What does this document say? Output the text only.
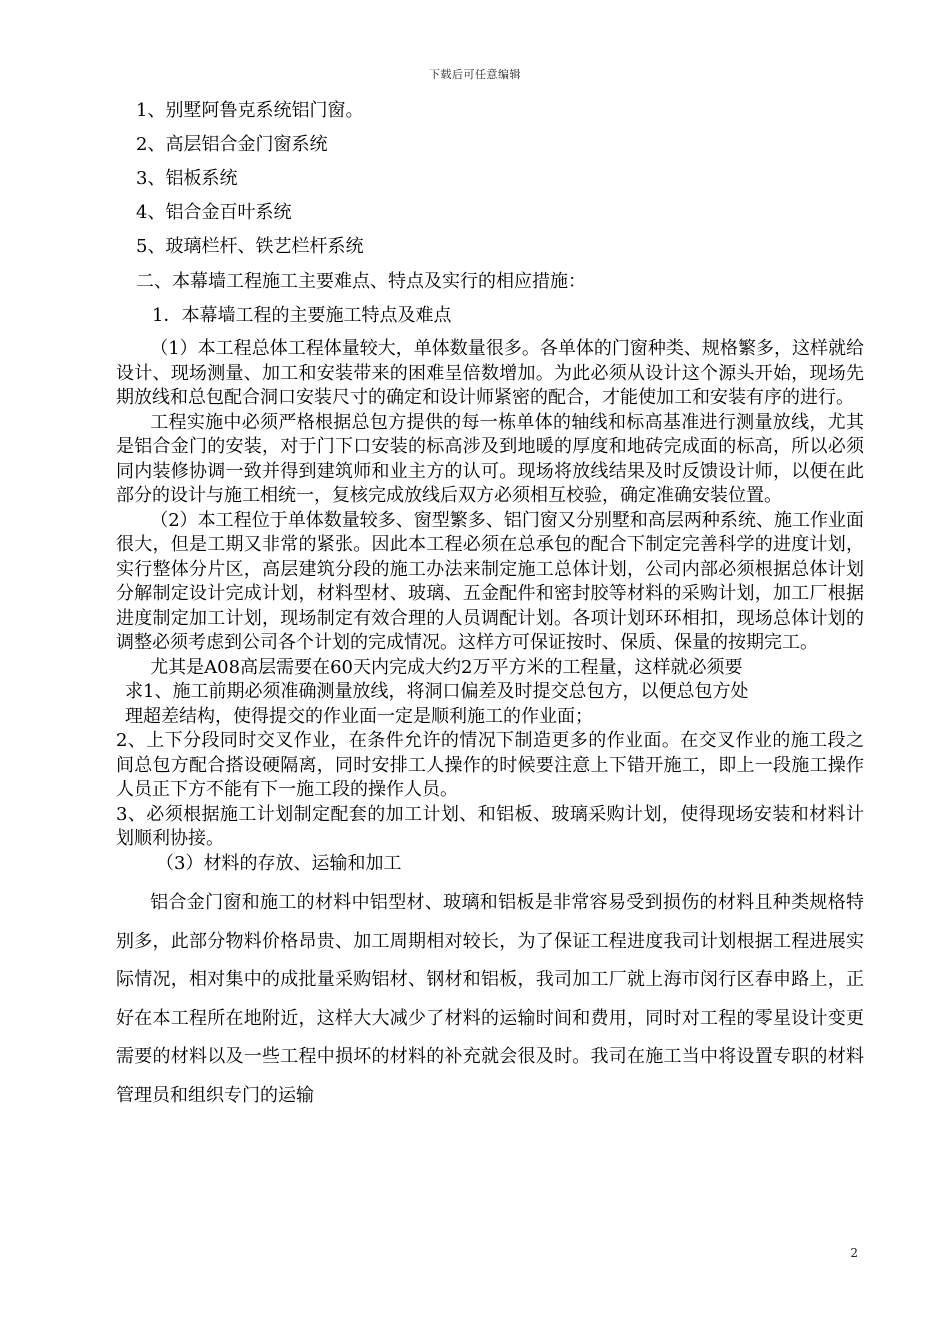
下载后可任意编辑
1、别墅阿鲁克系统铝门窗。
2、高层铝合金门窗系统
3、铝板系统
4、铝合金百叶系统
5、玻璃栏杆、铁艺栏杆系统
二、本幕墙工程施工主要难点、特点及实行的相应措施：
1．本幕墙工程的主要施工特点及难点

（1）本工程总体工程体量较大，单体数量很多。各单体的门窗种类、规格繁多，这样就给设计、现场测量、加工和安装带来的困难呈倍数增加。为此必须从设计这个源头开始，现场先期放线和总包配合洞口安装尺寸的确定和设计师紧密的配合，才能使加工和安装有序的进行。

工程实施中必须严格根据总包方提供的每一栋单体的轴线和标高基准进行测量放线，尤其是铝合金门的安装，对于门下口安装的标高涉及到地暖的厚度和地砖完成面的标高，所以必须同内装修协调一致并得到建筑师和业主方的认可。现场将放线结果及时反馈设计师，以便在此部分的设计与施工相统一，复核完成放线后双方必须相互校验，确定准确安装位置。

（2）本工程位于单体数量较多、窗型繁多、铝门窗又分别墅和高层两种系统、施工作业面很大，但是工期又非常的紧张。因此本工程必须在总承包的配合下制定完善科学的进度计划，实行整体分片区，高层建筑分段的施工办法来制定施工总体计划，公司内部必须根据总体计划分解制定设计完成计划，材料型材、玻璃、五金配件和密封胶等材料的采购计划，加工厂根据进度制定加工计划，现场制定有效合理的人员调配计划。各项计划环环相扣，现场总体计划的调整必须考虑到公司各个计划的完成情况。这样方可保证按时、保质、保量的按期完工。

尤其是A08高层需要在60天内完成大约2万平方米的工程量，这样就必须要

求1、施工前期必须准确测量放线，将洞口偏差及时提交总包方，以便总包方处

理超差结构，使得提交的作业面一定是顺利施工的作业面；

2、上下分段同时交叉作业，在条件允许的情况下制造更多的作业面。在交叉作业的施工段之间总包方配合搭设硬隔离，同时安排工人操作的时候要注意上下错开施工，即上一段施工操作人员正下方不能有下一施工段的操作人员。

3、必须根据施工计划制定配套的加工计划、和铝板、玻璃采购计划，使得现场安装和材料计划顺利协接。

（3）材料的存放、运输和加工

铝合金门窗和施工的材料中铝型材、玻璃和铝板是非常容易受到损伤的材料且种类规格特别多，此部分物料价格昂贵、加工周期相对较长，为了保证工程进度我司计划根据工程进展实际情况，相对集中的成批量采购铝材、钢材和铝板，我司加工厂就上海市闵行区春申路上，正好在本工程所在地附近，这样大大减少了材料的运输时间和费用，同时对工程的零星设计变更需要的材料以及一些工程中损坏的材料的补充就会很及时。我司在施工当中将设置专职的材料管理员和组织专门的运输

2
